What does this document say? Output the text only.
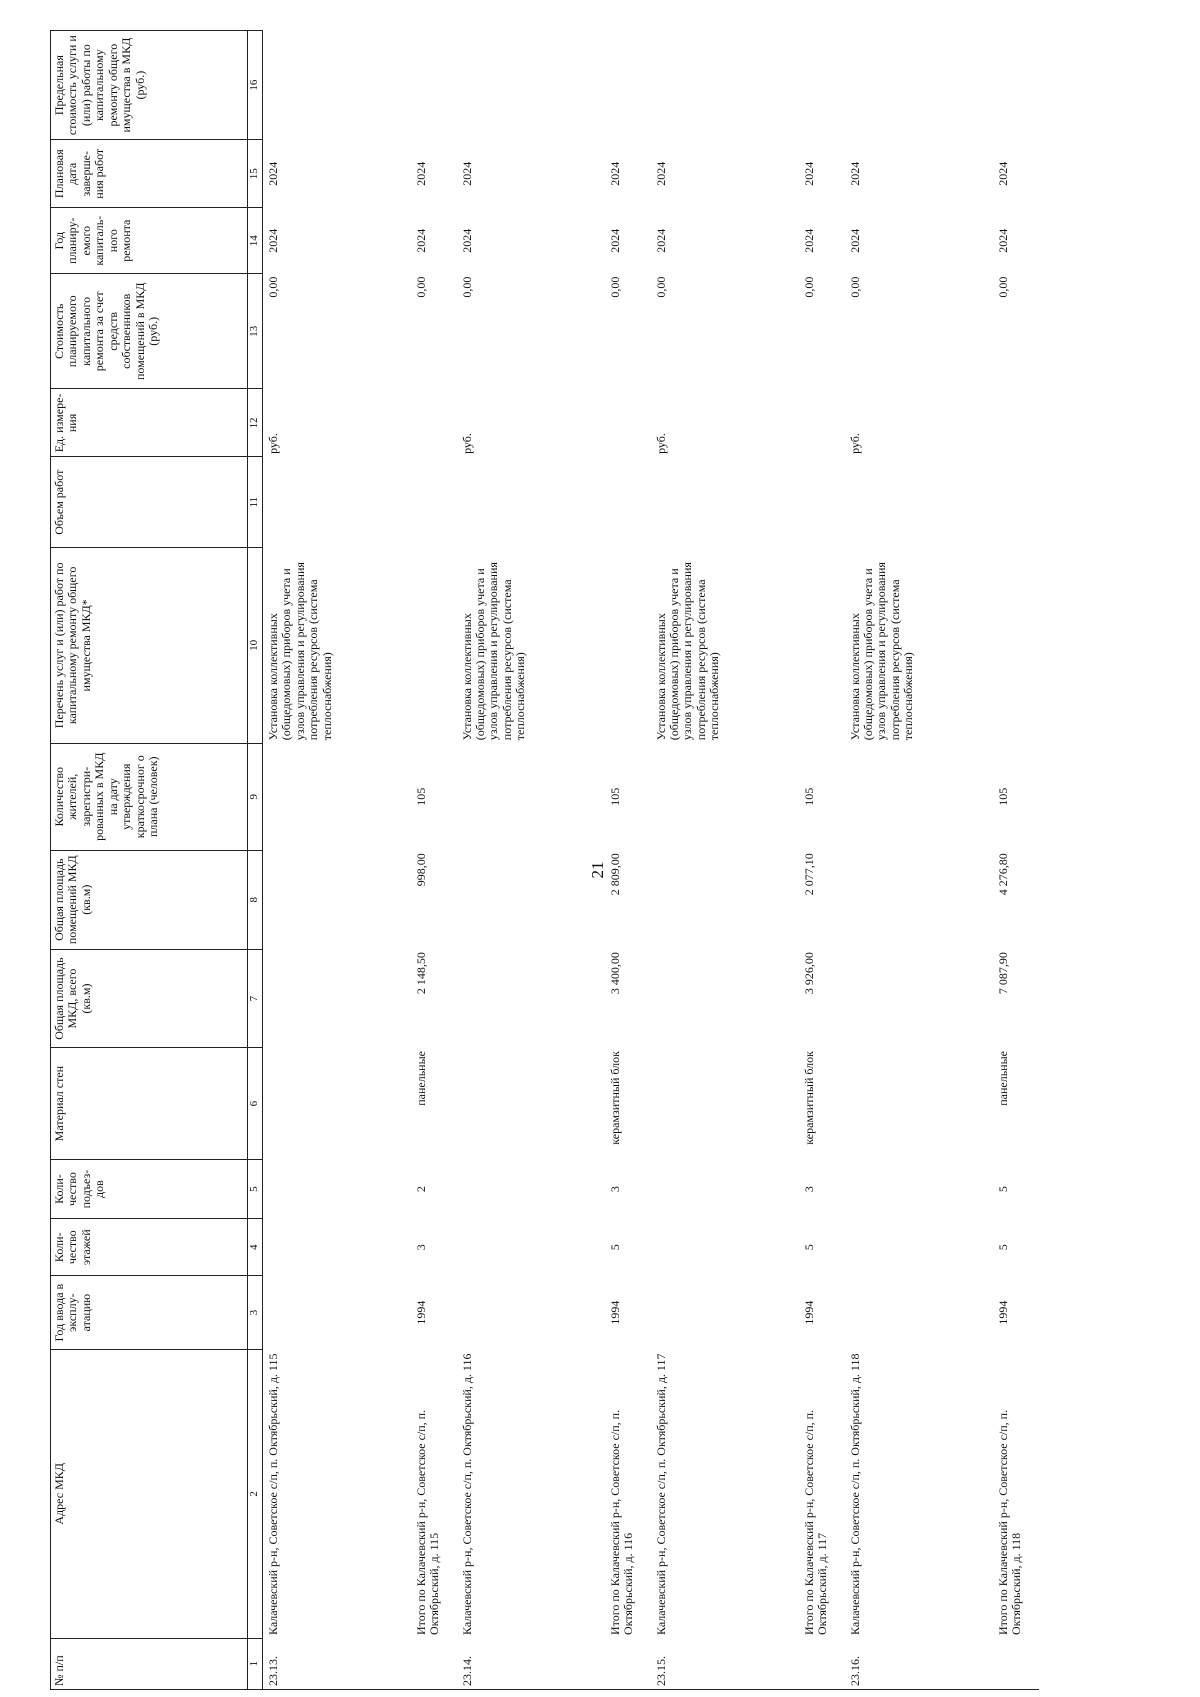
21
№ п/п	Адрес МКД	Год ввода в эксплу-атацию	Коли-чество этажей	Коли-чество подъез-дов	Материал стен	Общая площадь МКД, всего (кв.м)	Общая площадь помещений МКД (кв.м)	Количество жителей, зарегистри-рованных в МКД на дату утверждения краткосрочног о плана (человек)	Перечень услуг и (или) работ по капитальному ремонту общего имущества МКД*	Объем работ	Ед. измере-ния	Стоимость планируемого капитального ремонта за счет средств собственников помещений в МКД (руб.)	Год планиру-емого капиталь-ного ремонта	Плановая дата заверше-ния работ	Предельная стоимость услуги и (или) работы по капитальному ремонту общего имущества в МКД (руб.)
1	2	3	4	5	6	7	8	9	10	11	12	13	14	15	16
23.13.	Калачевский р-н, Советское с/п, п. Октябрьский, д. 115								Установка коллективных (общедомовых) приборов учета и узлов управления и регулирования потребления ресурсов (система теплоснабжения)		руб.	0,00	2024	2024	
	Итого по Калачевский р-н, Советское с/п, п. Октябрьский, д. 115	1994	3	2	панельные	2 148,50	998,00	105				0,00	2024	2024	
23.14.	Калачевский р-н, Советское с/п, п. Октябрьский, д. 116								Установка коллективных (общедомовых) приборов учета и узлов управления и регулирования потребления ресурсов (система теплоснабжения)		руб.	0,00	2024	2024	
	Итого по Калачевский р-н, Советское с/п, п. Октябрьский, д. 116	1994	5	3	керамзитный блок	3 400,00	2 809,00	105				0,00	2024	2024	
23.15.	Калачевский р-н, Советское с/п, п. Октябрьский, д. 117								Установка коллективных (общедомовых) приборов учета и узлов управления и регулирования потребления ресурсов (система теплоснабжения)		руб.	0,00	2024	2024	
	Итого по Калачевский р-н, Советское с/п, п. Октябрьский, д. 117	1994	5	3	керамзитный блок	3 926,00	2 077,10	105				0,00	2024	2024	
23.16.	Калачевский р-н, Советское с/п, п. Октябрьский, д. 118								Установка коллективных (общедомовых) приборов учета и узлов управления и регулирования потребления ресурсов (система теплоснабжения)		руб.	0,00	2024	2024	
	Итого по Калачевский р-н, Советское с/п, п. Октябрьский, д. 118	1994	5	5	панельные	7 087,90	4 276,80	105				0,00	2024	2024	
